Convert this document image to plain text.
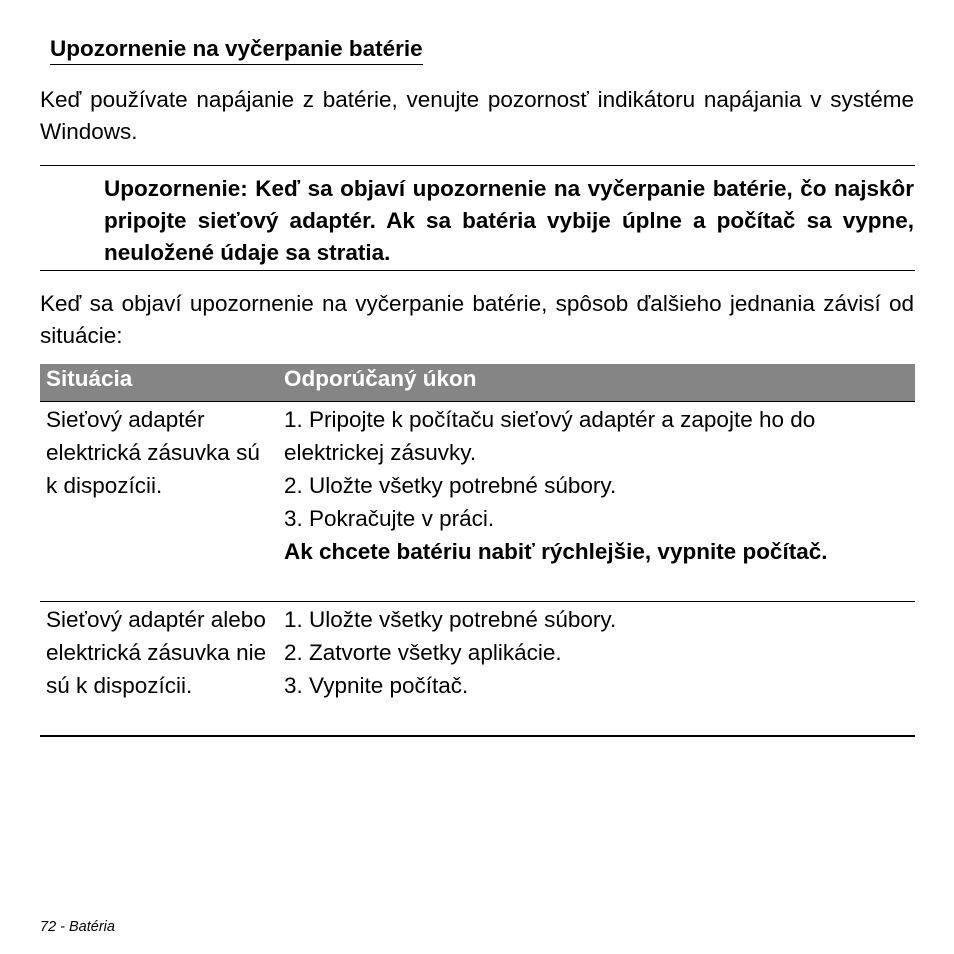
Upozornenie na vyčerpanie batérie

Keď používate napájanie z batérie, venujte pozornosť indikátoru napájania v systéme Windows.

Upozornenie: Keď sa objaví upozornenie na vyčerpanie batérie, čo najskôr pripojte sieťový adaptér. Ak sa batéria vybije úplne a počítač sa vypne, neuložené údaje sa stratia.

Keď sa objaví upozornenie na vyčerpanie batérie, spôsob ďalšieho jednania závisí od situácie:

Situácia	Odporúčaný úkon
Sieťový adaptér elektrická zásuvka sú k dispozícii.
1. Pripojte k počítaču sieťový adaptér a zapojte ho do elektrickej zásuvky.
2. Uložte všetky potrebné súbory.
3. Pokračujte v práci.
Ak chcete batériu nabiť rýchlejšie, vypnite počítač.
Sieťový adaptér alebo elektrická zásuvka nie sú k dispozícii.
1. Uložte všetky potrebné súbory.
2. Zatvorte všetky aplikácie.
3. Vypnite počítač.
72 - Batéria
